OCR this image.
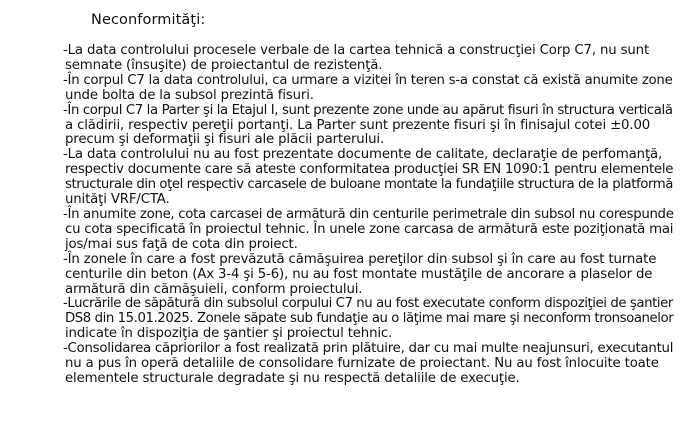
Neconformităţi:
-La data controlului procesele verbale de la cartea tehnică a construcţiei Corp C7, nu sunt
semnate (însuşite) de proiectantul de rezistenţă.
-În corpul C7 la data controlului, ca urmare a vizitei în teren s-a constat că există anumite zone
unde bolta de la subsol prezintă fisuri.
-În corpul C7 la Parter şi la Etajul I, sunt prezente zone unde au apărut fisuri în structura verticală
a clădirii, respectiv pereţii portanţi. La Parter sunt prezente fisuri şi în finisajul cotei ±0.00
precum şi deformaţii şi fisuri ale plăcii parterului.
-La data controlului nu au fost prezentate documente de calitate, declaraţie de perfomanţă,
respectiv documente care să ateste conformitatea producţiei SR EN 1090:1 pentru elementele
structurale din oţel respectiv carcasele de buloane montate la fundaţiile structura de la platformă
unităţi VRF/CTA.
-În anumite zone, cota carcasei de armătură din centurile perimetrale din subsol nu corespunde
cu cota specificată în proiectul tehnic. În unele zone carcasa de armătură este poziţionată mai
jos/mai sus faţă de cota din proiect.
-În zonele în care a fost prevăzută cămăşuirea pereţilor din subsol şi în care au fost turnate
centurile din beton (Ax 3-4 şi 5-6), nu au fost montate mustăţile de ancorare a plaselor de
armătură din cămăşuieli, conform proiectului.
-Lucrările de săpătură din subsolul corpului C7 nu au fost executate conform dispoziţiei de şantier
DS8 din 15.01.2025. Zonele săpate sub fundaţie au o lăţime mai mare şi neconform tronsoanelor
indicate în dispoziţia de şantier şi proiectul tehnic.
-Consolidarea căpriorilor a fost realizată prin plătuire, dar cu mai multe neajunsuri, executantul
nu a pus în operă detaliile de consolidare furnizate de proiectant. Nu au fost înlocuite toate
elementele structurale degradate şi nu respectă detaliile de execuţie.
